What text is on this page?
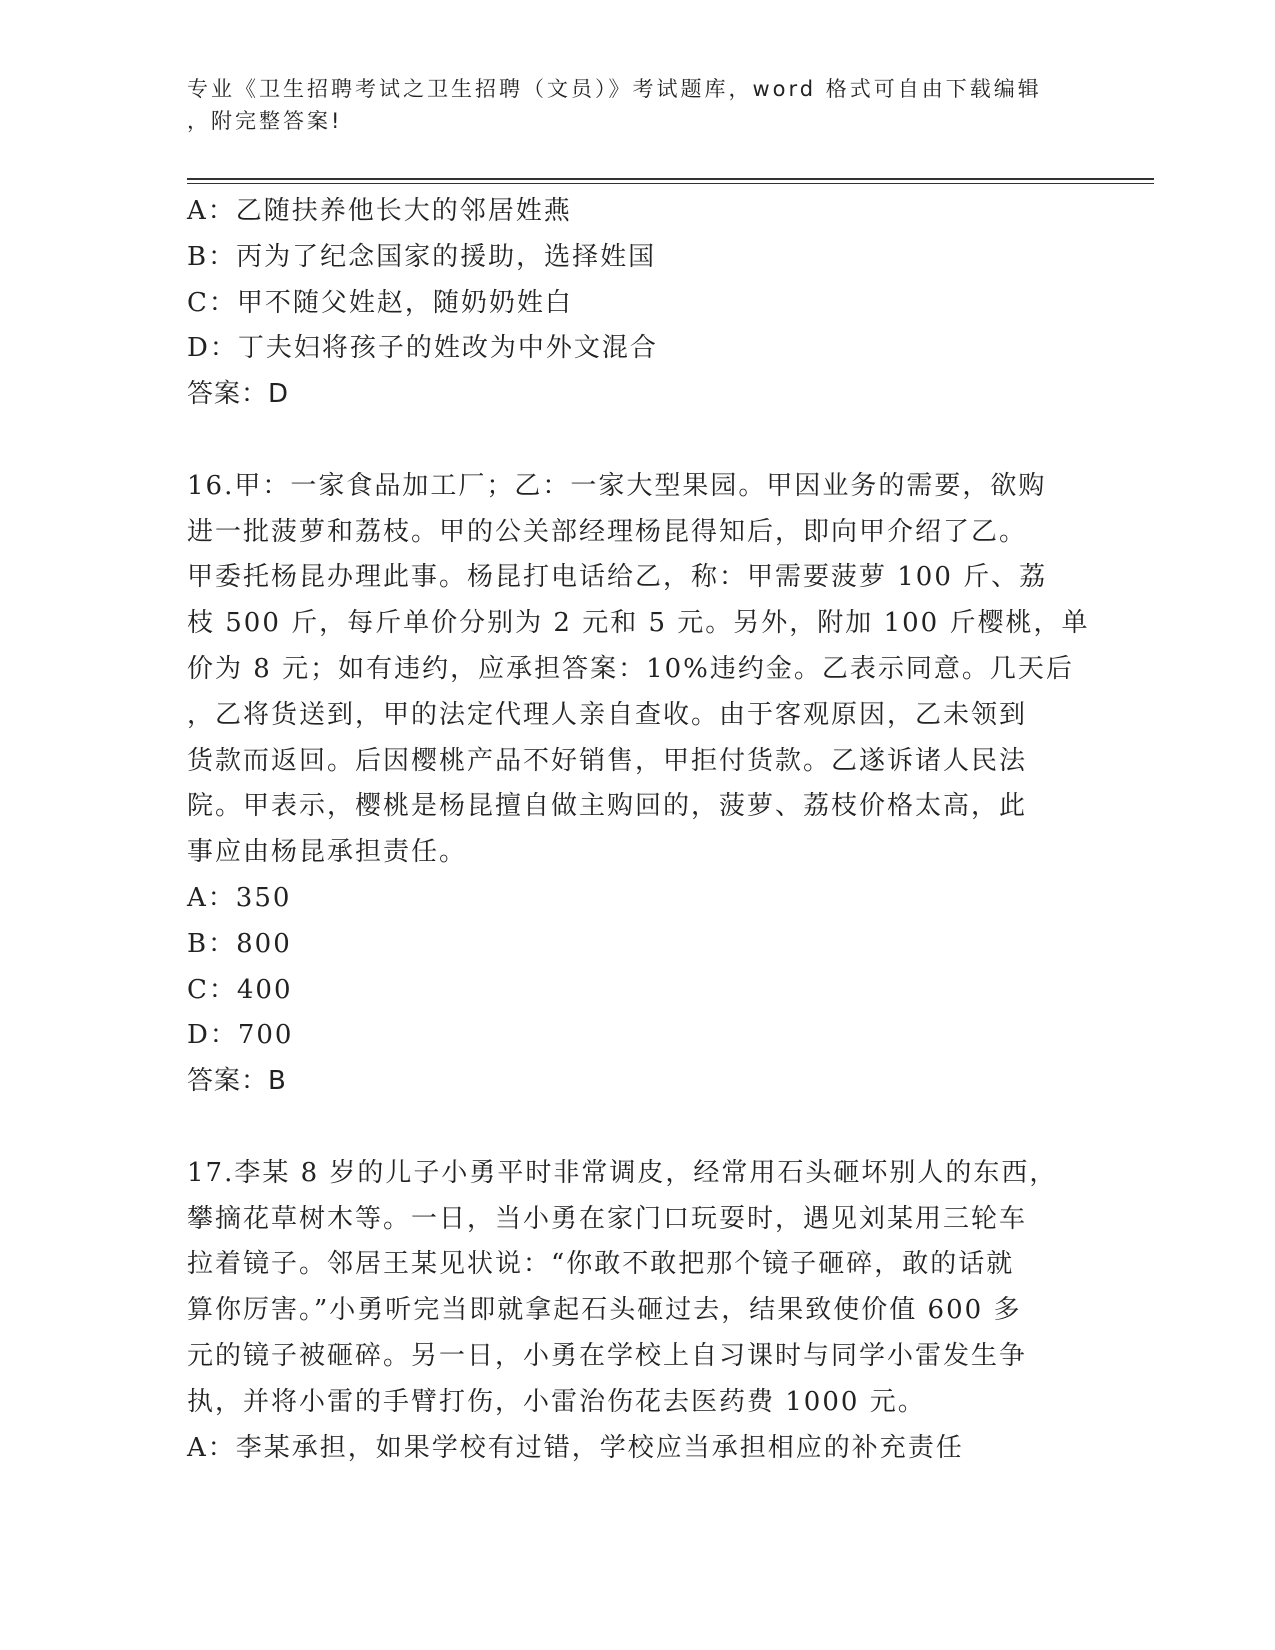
专业《卫生招聘考试之卫生招聘（文员）》考试题库，word 格式可自由下载编辑
，附完整答案!
A：乙随扶养他长大的邻居姓燕
B：丙为了纪念国家的援助，选择姓国
C：甲不随父姓赵，随奶奶姓白
D：丁夫妇将孩子的姓改为中外文混合
答案：D
16.甲：一家食品加工厂；乙：一家大型果园。甲因业务的需要，欲购
进一批菠萝和荔枝。甲的公关部经理杨昆得知后，即向甲介绍了乙。
甲委托杨昆办理此事。杨昆打电话给乙，称：甲需要菠萝 100 斤、荔
枝 500 斤，每斤单价分别为 2 元和 5 元。另外，附加 100 斤樱桃，单
价为 8 元；如有违约，应承担答案：10%违约金。乙表示同意。几天后
，乙将货送到，甲的法定代理人亲自查收。由于客观原因，乙未领到
货款而返回。后因樱桃产品不好销售，甲拒付货款。乙遂诉诸人民法
院。甲表示，樱桃是杨昆擅自做主购回的，菠萝、荔枝价格太高，此
事应由杨昆承担责任。
A：350
B：800
C：400
D：700
答案：B
17.李某 8 岁的儿子小勇平时非常调皮，经常用石头砸坏别人的东西，
攀摘花草树木等。一日，当小勇在家门口玩耍时，遇见刘某用三轮车
拉着镜子。邻居王某见状说：“你敢不敢把那个镜子砸碎，敢的话就
算你厉害。”小勇听完当即就拿起石头砸过去，结果致使价值 600 多
元的镜子被砸碎。另一日，小勇在学校上自习课时与同学小雷发生争
执，并将小雷的手臂打伤，小雷治伤花去医药费 1000 元。
A：李某承担，如果学校有过错，学校应当承担相应的补充责任
